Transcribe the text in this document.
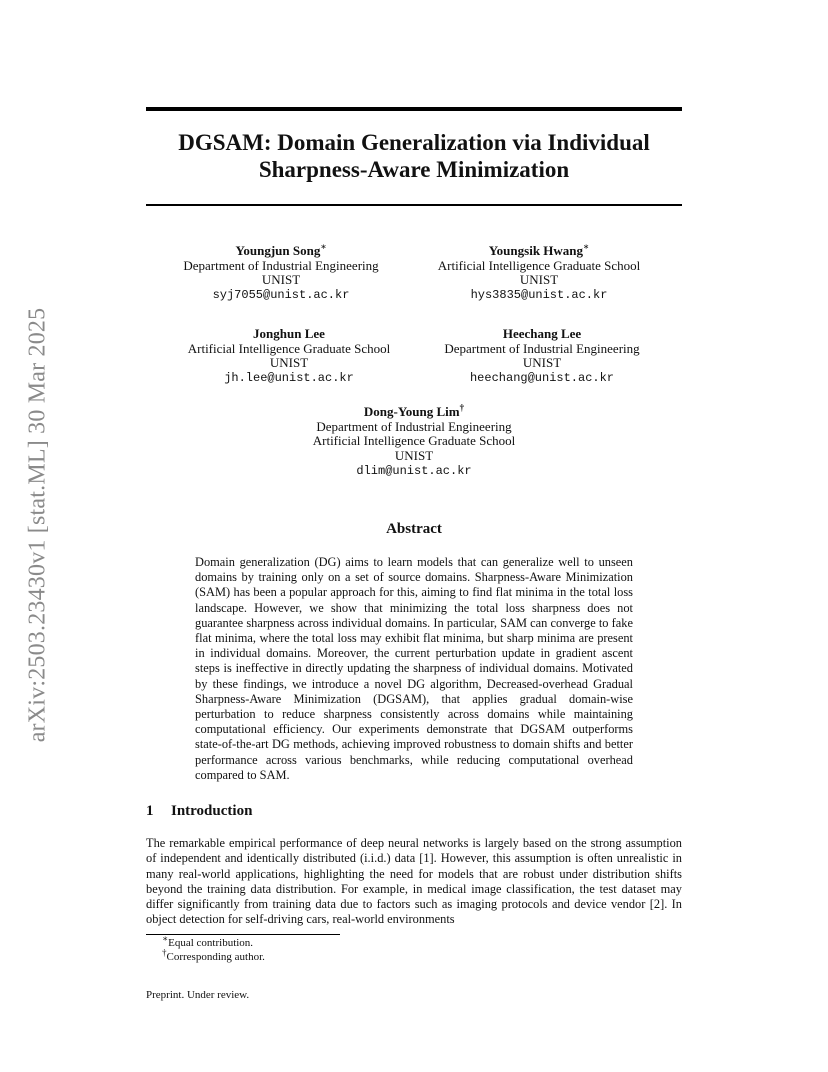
arXiv:2503.23430v1 [stat.ML] 30 Mar 2025
DGSAM: Domain Generalization via Individual
Sharpness-Aware Minimization
Youngjun Song∗
Department of Industrial Engineering
UNIST
syj7055@unist.ac.kr
Youngsik Hwang∗
Artificial Intelligence Graduate School
UNIST
hys3835@unist.ac.kr
Jonghun Lee
Artificial Intelligence Graduate School
UNIST
jh.lee@unist.ac.kr
Heechang Lee
Department of Industrial Engineering
UNIST
heechang@unist.ac.kr
Dong-Young Lim†
Department of Industrial Engineering
Artificial Intelligence Graduate School
UNIST
dlim@unist.ac.kr
Abstract
Domain generalization (DG) aims to learn models that can generalize well to unseen domains by training only on a set of source domains. Sharpness-Aware Minimization (SAM) has been a popular approach for this, aiming to find flat minima in the total loss landscape. However, we show that minimizing the total loss sharpness does not guarantee sharpness across individual domains. In particular, SAM can converge to fake flat minima, where the total loss may exhibit flat minima, but sharp minima are present in individual domains. Moreover, the current perturbation update in gradient ascent steps is ineffective in directly updating the sharpness of individual domains. Motivated by these findings, we introduce a novel DG algorithm, Decreased-overhead Gradual Sharpness-Aware Minimization (DGSAM), that applies gradual domain-wise perturbation to reduce sharpness consistently across domains while maintaining computational efficiency. Our experiments demonstrate that DGSAM outperforms state-of-the-art DG methods, achieving improved robustness to domain shifts and better performance across various benchmarks, while reducing computational overhead compared to SAM.
1 Introduction
The remarkable empirical performance of deep neural networks is largely based on the strong assumption of independent and identically distributed (i.i.d.) data [1]. However, this assumption is often unrealistic in many real-world applications, highlighting the need for models that are robust under distribution shifts beyond the training data distribution. For example, in medical image classification, the test dataset may differ significantly from training data due to factors such as imaging protocols and device vendor [2]. In object detection for self-driving cars, real-world environments
∗Equal contribution.
†Corresponding author.
Preprint. Under review.
